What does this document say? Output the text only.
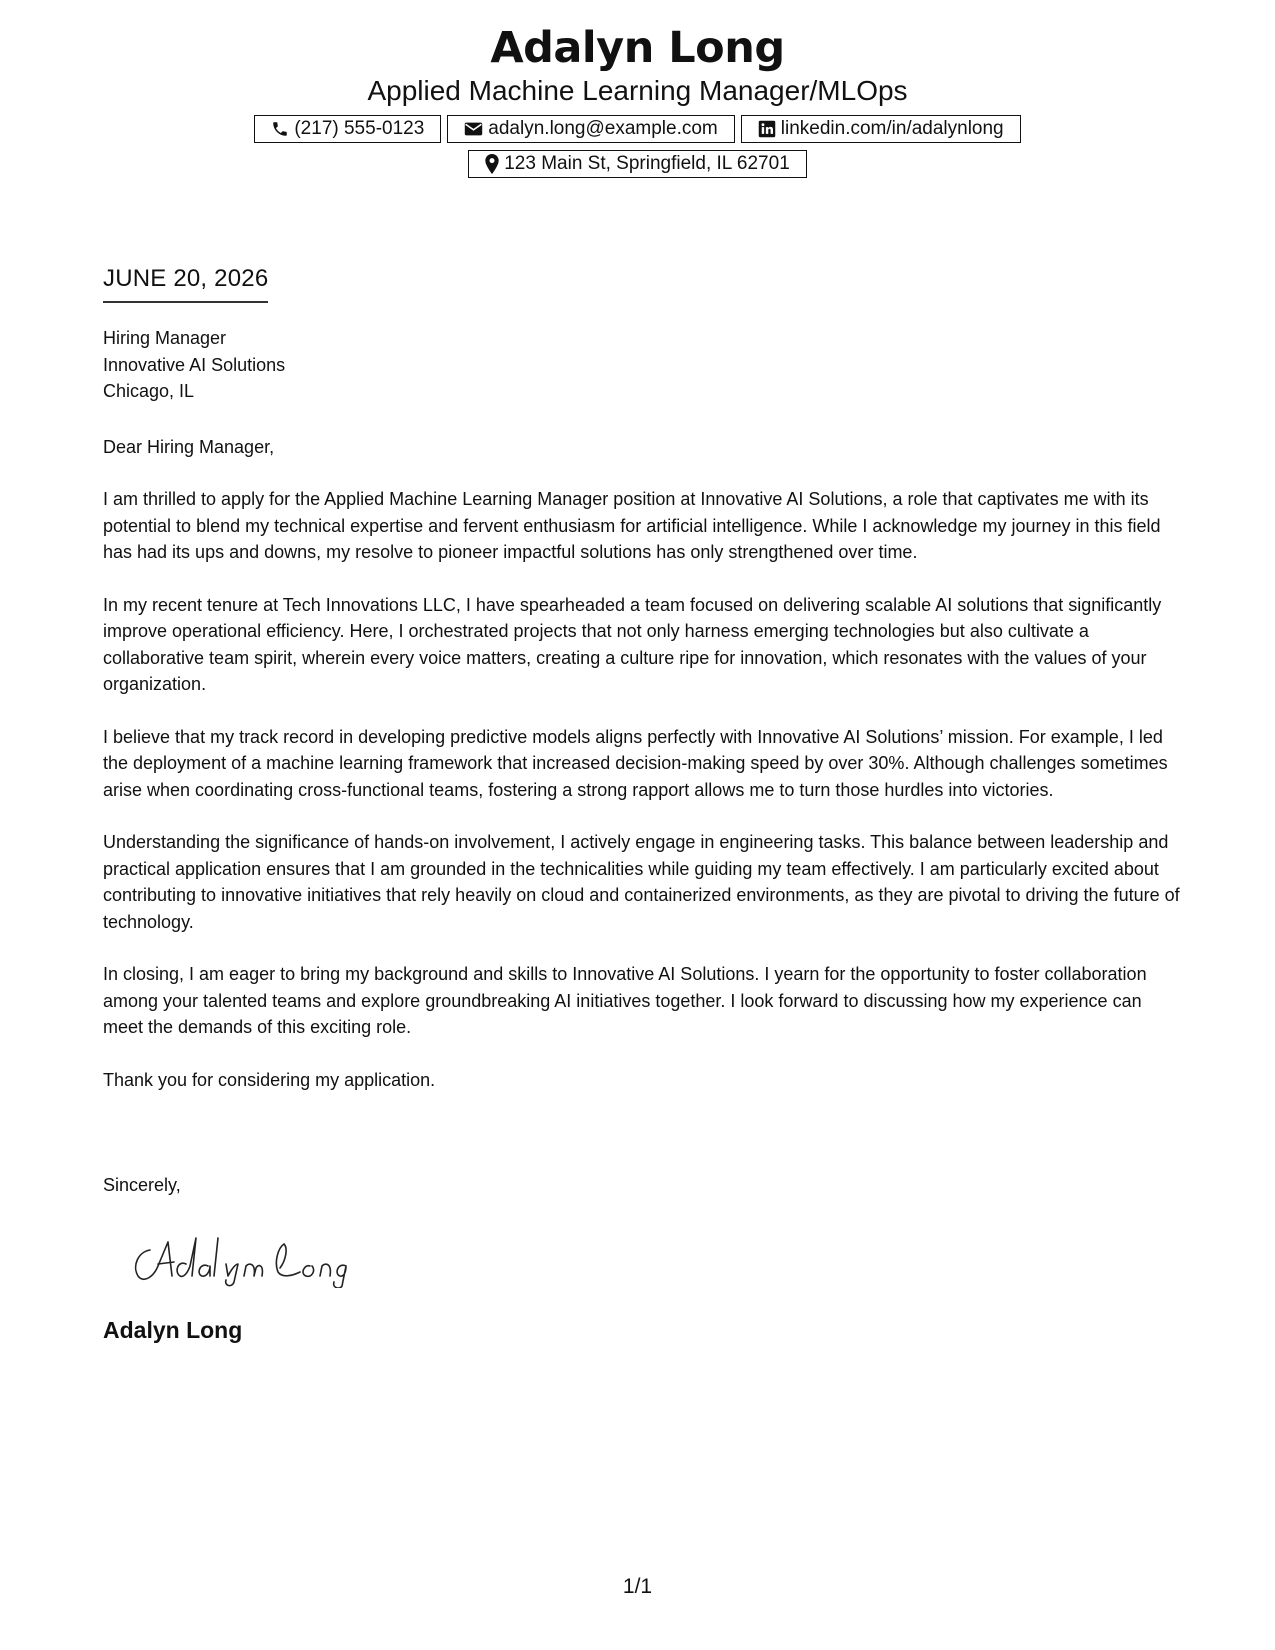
Adalyn Long
Applied Machine Learning Manager/MLOps
(217) 555-0123	adalyn.long@example.com	linkedin.com/in/adalynlong
123 Main St, Springfield, IL 62701
JUNE 20, 2026
Hiring Manager
Innovative AI Solutions
Chicago, IL
Dear Hiring Manager,

I am thrilled to apply for the Applied Machine Learning Manager position at Innovative AI Solutions, a role that captivates me with its potential to blend my technical expertise and fervent enthusiasm for artificial intelligence. While I acknowledge my journey in this field has had its ups and downs, my resolve to pioneer impactful solutions has only strengthened over time.

In my recent tenure at Tech Innovations LLC, I have spearheaded a team focused on delivering scalable AI solutions that significantly improve operational efficiency. Here, I orchestrated projects that not only harness emerging technologies but also cultivate a collaborative team spirit, wherein every voice matters, creating a culture ripe for innovation, which resonates with the values of your organization.

I believe that my track record in developing predictive models aligns perfectly with Innovative AI Solutions’ mission. For example, I led the deployment of a machine learning framework that increased decision-making speed by over 30%. Although challenges sometimes arise when coordinating cross-functional teams, fostering a strong rapport allows me to turn those hurdles into victories.

Understanding the significance of hands-on involvement, I actively engage in engineering tasks. This balance between leadership and practical application ensures that I am grounded in the technicalities while guiding my team effectively. I am particularly excited about contributing to innovative initiatives that rely heavily on cloud and containerized environments, as they are pivotal to driving the future of technology.

In closing, I am eager to bring my background and skills to Innovative AI Solutions. I yearn for the opportunity to foster collaboration among your talented teams and explore groundbreaking AI initiatives together. I look forward to discussing how my experience can meet the demands of this exciting role.

Thank you for considering my application.

Sincerely,
Adalyn Long
1/1
